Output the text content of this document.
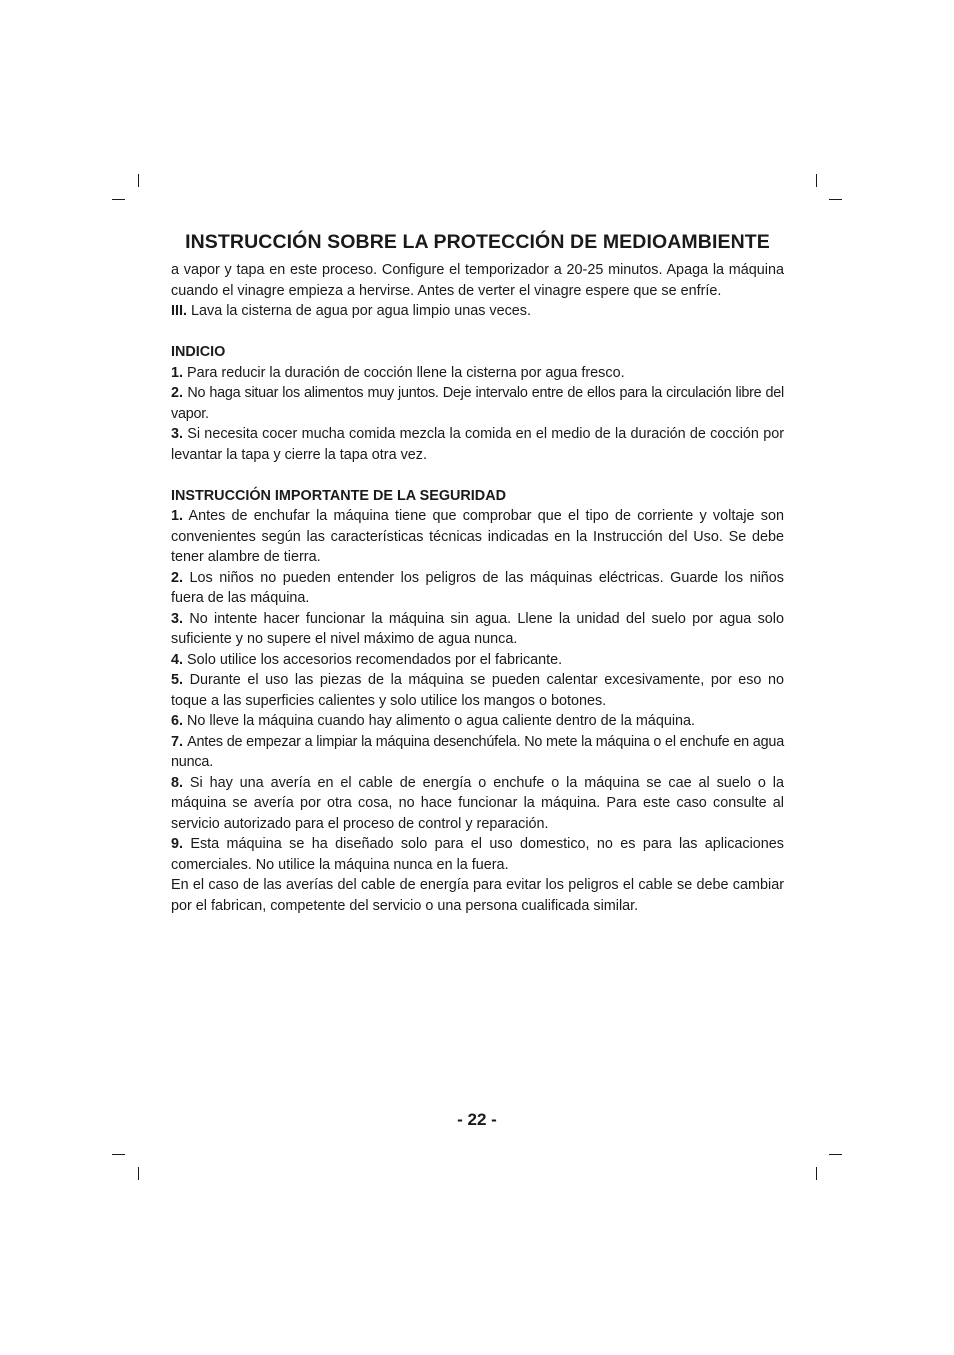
INSTRUCCIÓN SOBRE LA PROTECCIÓN DE MEDIOAMBIENTE

a vapor y tapa en este proceso. Configure el temporizador a 20-25 minutos. Apaga la máquina cuando el vinagre empieza a hervirse. Antes de verter el vinagre espere que se enfríe.

III. Lava la cisterna de agua por agua limpio unas veces.

INDICIO

1. Para reducir la duración de cocción llene la cisterna por agua fresco.

2. No haga situar los alimentos muy juntos. Deje intervalo entre de ellos para la circulación libre del vapor.

3. Si necesita cocer mucha comida mezcla la comida en el medio de la duración de cocción por levantar la tapa y cierre la tapa otra vez.

INSTRUCCIÓN IMPORTANTE DE LA SEGURIDAD

1. Antes de enchufar la máquina tiene que comprobar que el tipo de corriente y voltaje son convenientes según las características técnicas indicadas en la Instrucción del Uso. Se debe tener alambre de tierra.

2. Los niños no pueden entender los peligros de las máquinas eléctricas. Guarde los niños fuera de las máquina.

3. No intente hacer funcionar la máquina sin agua. Llene la unidad del suelo por agua solo suficiente y no supere el nivel máximo de agua nunca.

4. Solo utilice los accesorios recomendados por el fabricante.

5. Durante el uso las piezas de la máquina se pueden calentar excesivamente, por eso no toque a las superficies calientes y solo utilice los mangos o botones.

6. No lleve la máquina cuando hay alimento o agua caliente dentro de la máquina.

7. Antes de empezar a limpiar la máquina desenchúfela. No mete la máquina o el enchufe en agua nunca.

8. Si hay una avería en el cable de energía o enchufe o la máquina se cae al suelo o la máquina se avería por otra cosa, no hace funcionar la máquina. Para este caso consulte al servicio autorizado para el proceso de control y reparación.

9. Esta máquina se ha diseñado solo para el uso domestico, no es para las aplicaciones comerciales. No utilice la máquina nunca en la fuera.

En el caso de las averías del cable de energía para evitar los peligros el cable se debe cambiar por el fabrican, competente del servicio o una persona cualificada similar.

- 22 -
